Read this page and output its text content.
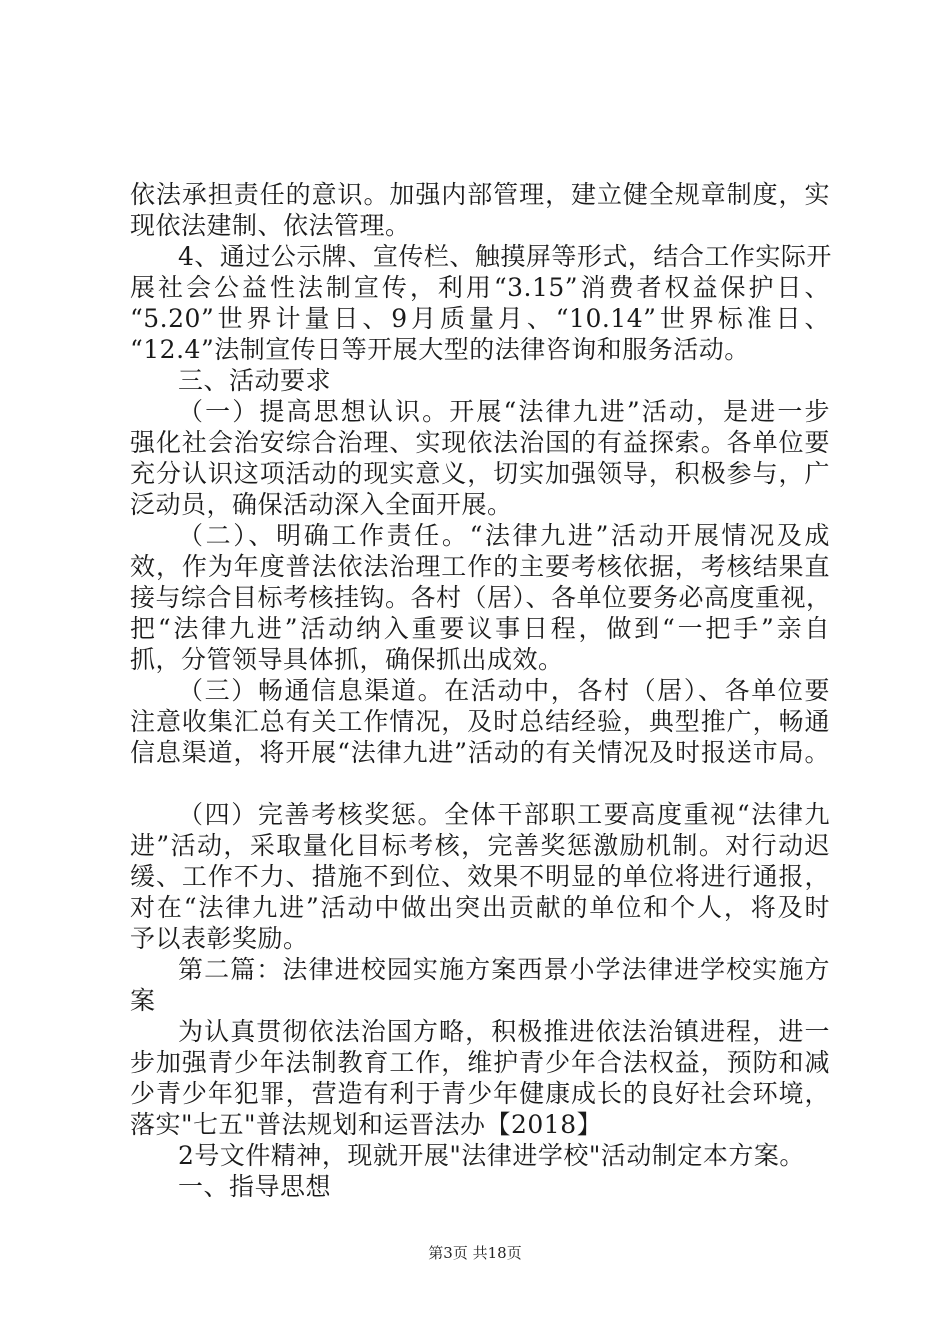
依法承担责任的意识。加强内部管理，建立健全规章制度，实
现依法建制、依法管理。
4、通过公示牌、宣传栏、触摸屏等形式，结合工作实际开
展社会公益性法制宣传，利用“3.15”消费者权益保护日、
“5.20”世界计量日、9月质量月、“10.14”世界标准日、
“12.4”法制宣传日等开展大型的法律咨询和服务活动。
三、活动要求
（一）提高思想认识。开展“法律九进”活动，是进一步
强化社会治安综合治理、实现依法治国的有益探索。各单位要
充分认识这项活动的现实意义，切实加强领导，积极参与，广
泛动员，确保活动深入全面开展。
（二）、明确工作责任。“法律九进”活动开展情况及成
效，作为年度普法依法治理工作的主要考核依据，考核结果直
接与综合目标考核挂钩。各村（居）、各单位要务必高度重视，
把“法律九进”活动纳入重要议事日程，做到“一把手”亲自
抓，分管领导具体抓，确保抓出成效。
（三）畅通信息渠道。在活动中，各村（居）、各单位要
注意收集汇总有关工作情况，及时总结经验，典型推广，畅通
信息渠道，将开展“法律九进”活动的有关情况及时报送市局。
（四）完善考核奖惩。全体干部职工要高度重视“法律九
进”活动，采取量化目标考核，完善奖惩激励机制。对行动迟
缓、工作不力、措施不到位、效果不明显的单位将进行通报，
对在“法律九进”活动中做出突出贡献的单位和个人，将及时
予以表彰奖励。
第二篇：法律进校园实施方案西景小学法律进学校实施方
案
为认真贯彻依法治国方略，积极推进依法治镇进程，进一
步加强青少年法制教育工作，维护青少年合法权益，预防和减
少青少年犯罪，营造有利于青少年健康成长的良好社会环境，
落实"七五"普法规划和运晋法办【2018】
2号文件精神，现就开展"法律进学校"活动制定本方案。
一、指导思想
第3页 共18页
